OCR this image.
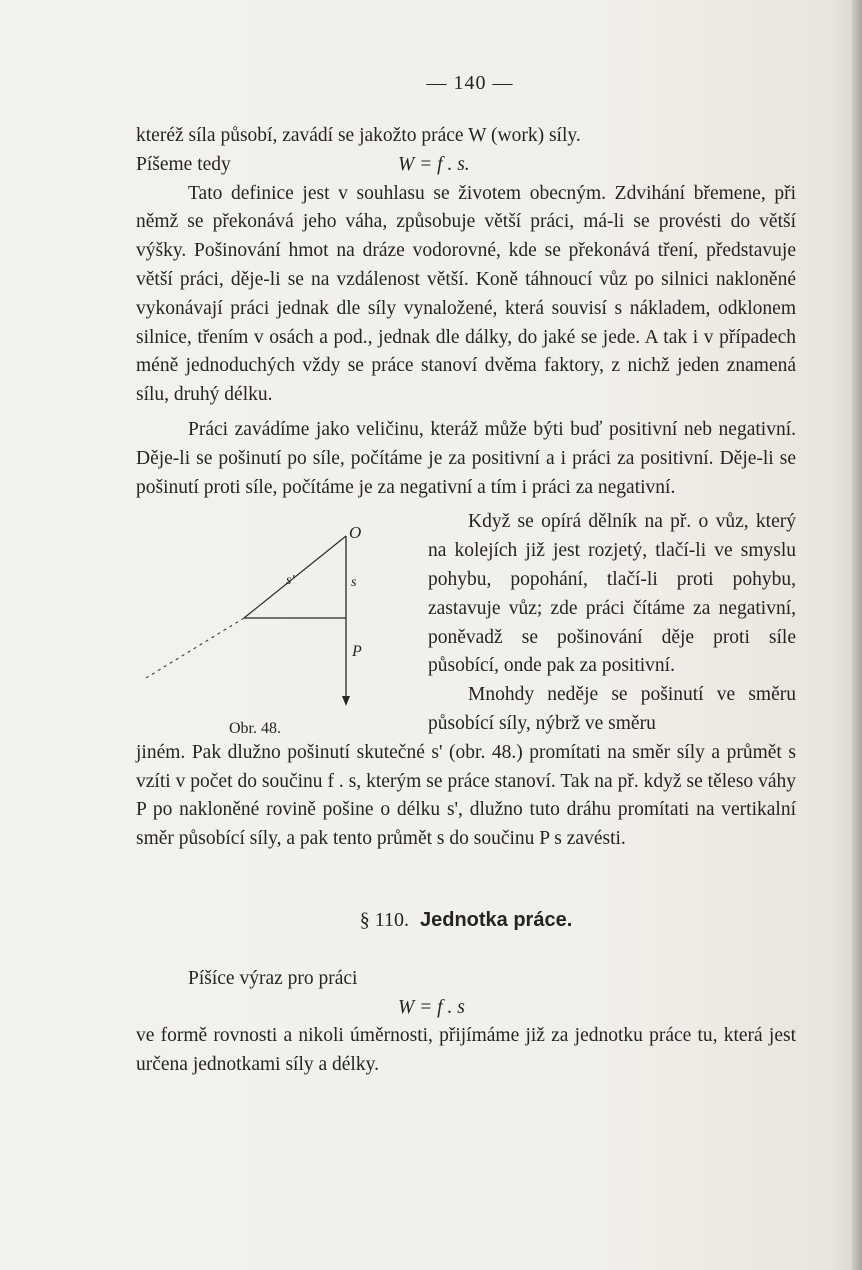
— 140 —

kteréž síla působí, zavádí se jakožto práce W (work) síly.

Píšeme tedy	W = f . s.

Tato definice jest v souhlasu se životem obecným. Zdvihání břemene, při němž se překonává jeho váha, způsobuje větší práci, má-li se provésti do větší výšky. Pošinování hmot na dráze vodorovné, kde se překonává tření, představuje větší práci, děje-li se na vzdálenost větší. Koně táhnoucí vůz po silnici nakloněné vykonávají práci jednak dle síly vynaložené, která souvisí s nákladem, odklonem silnice, třením v osách a pod., jednak dle dálky, do jaké se jede. A tak i v případech méně jednoduchých vždy se práce stanoví dvěma faktory, z nichž jeden znamená sílu, druhý délku.

Práci zavádíme jako veličinu, kteráž může býti buď positivní neb negativní. Děje-li se pošinutí po síle, počítáme je za positivní a i práci za positivní. Děje-li se pošinutí proti síle, počítáme je za negativní a tím i práci za negativní.

O
s'	s
P
Obr. 48.

Když se opírá dělník na př. o vůz, který na kolejích již jest rozjetý, tlačí-li ve smyslu pohybu, popohání, tlačí-li proti pohybu, zastavuje vůz; zde práci čítáme za negativní, poněvadž se pošinování děje proti síle působící, onde pak za positivní.

Mnohdy neděje se pošinutí ve směru působící síly, nýbrž ve směru

jiném. Pak dlužno pošinutí skutečné s' (obr. 48.) promítati na směr síly a průmět s vzíti v počet do součinu f . s, kterým se práce stanoví. Tak na př. když se těleso váhy P po nakloněné rovině pošine o délku s', dlužno tuto dráhu promítati na vertikalní směr působící síly, a pak tento průmět s do součinu P s zavésti.

§ 110. Jednotka práce.

Píšíce výraz pro práci

W = f . s

ve formě rovnosti a nikoli úměrnosti, přijímáme již za jednotku práce tu, která jest určena jednotkami síly a délky.
